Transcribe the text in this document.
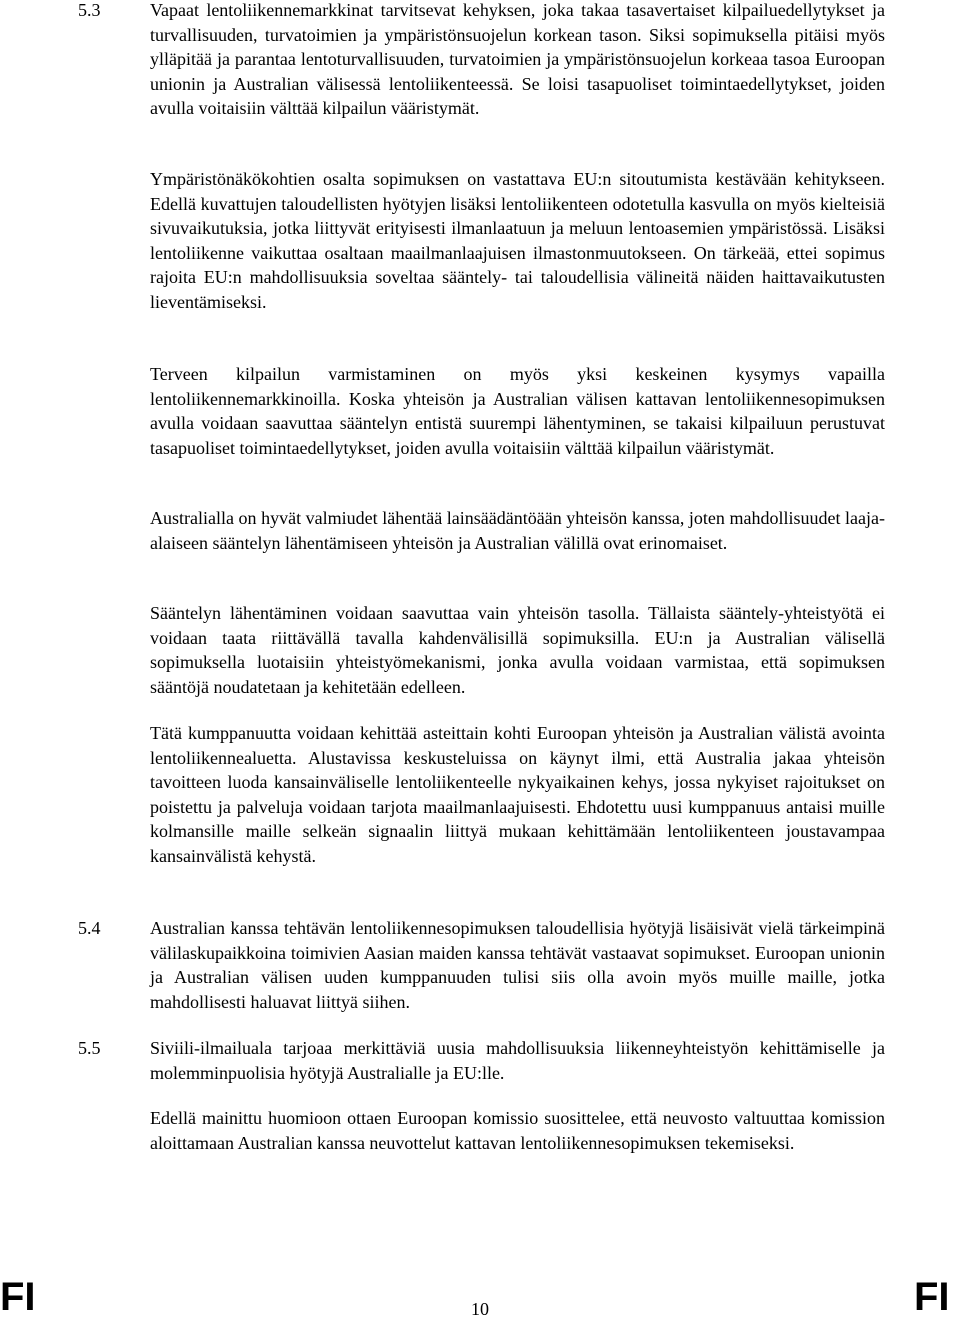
5.3	Vapaat lentoliikennemarkkinat tarvitsevat kehyksen, joka takaa tasavertaiset kilpailuedellytykset ja turvallisuuden, turvatoimien ja ympäristönsuojelun korkean tason. Siksi sopimuksella pitäisi myös ylläpitää ja parantaa lentoturvallisuuden, turvatoimien ja ympäristönsuojelun korkeaa tasoa Euroopan unionin ja Australian välisessä lentoliikenteessä. Se loisi tasapuoliset toimintaedellytykset, joiden avulla voitaisiin välttää kilpailun vääristymät.

Ympäristönäkökohtien osalta sopimuksen on vastattava EU:n sitoutumista kestävään kehitykseen. Edellä kuvattujen taloudellisten hyötyjen lisäksi lentoliikenteen odotetulla kasvulla on myös kielteisiä sivuvaikutuksia, jotka liittyvät erityisesti ilmanlaatuun ja meluun lentoasemien ympäristössä. Lisäksi lentoliikenne vaikuttaa osaltaan maailmanlaajuisen ilmastonmuutokseen. On tärkeää, ettei sopimus rajoita EU:n mahdollisuuksia soveltaa sääntely- tai taloudellisia välineitä näiden haittavaikutusten lieventämiseksi.

Terveen kilpailun varmistaminen on myös yksi keskeinen kysymys vapailla lentoliikennemarkkinoilla. Koska yhteisön ja Australian välisen kattavan lentoliikennesopimuksen avulla voidaan saavuttaa sääntelyn entistä suurempi lähentyminen, se takaisi kilpailuun perustuvat tasapuoliset toimintaedellytykset, joiden avulla voitaisiin välttää kilpailun vääristymät.

Australialla on hyvät valmiudet lähentää lainsäädäntöään yhteisön kanssa, joten mahdollisuudet laaja-alaiseen sääntelyn lähentämiseen yhteisön ja Australian välillä ovat erinomaiset.

Sääntelyn lähentäminen voidaan saavuttaa vain yhteisön tasolla. Tällaista sääntely-yhteistyötä ei voidaan taata riittävällä tavalla kahdenvälisillä sopimuksilla. EU:n ja Australian välisellä sopimuksella luotaisiin yhteistyömekanismi, jonka avulla voidaan varmistaa, että sopimuksen sääntöjä noudatetaan ja kehitetään edelleen.

Tätä kumppanuutta voidaan kehittää asteittain kohti Euroopan yhteisön ja Australian välistä avointa lentoliikennealuetta. Alustavissa keskusteluissa on käynyt ilmi, että Australia jakaa yhteisön tavoitteen luoda kansainväliselle lentoliikenteelle nykyaikainen kehys, jossa nykyiset rajoitukset on poistettu ja palveluja voidaan tarjota maailmanlaajuisesti. Ehdotettu uusi kumppanuus antaisi muille kolmansille maille selkeän signaalin liittyä mukaan kehittämään lentoliikenteen joustavampaa kansainvälistä kehystä.

5.4	Australian kanssa tehtävän lentoliikennesopimuksen taloudellisia hyötyjä lisäisivät vielä tärkeimpinä välilaskupaikkoina toimivien Aasian maiden kanssa tehtävät vastaavat sopimukset. Euroopan unionin ja Australian välisen uuden kumppanuuden tulisi siis olla avoin myös muille maille, jotka mahdollisesti haluavat liittyä siihen.

5.5	Siviili-ilmailuala tarjoaa merkittäviä uusia mahdollisuuksia liikenneyhteistyön kehittämiselle ja molemminpuolisia hyötyjä Australialle ja EU:lle.

Edellä mainittu huomioon ottaen Euroopan komissio suosittelee, että neuvosto valtuuttaa komission aloittamaan Australian kanssa neuvottelut kattavan lentoliikennesopimuksen tekemiseksi.

FI	10	FI
